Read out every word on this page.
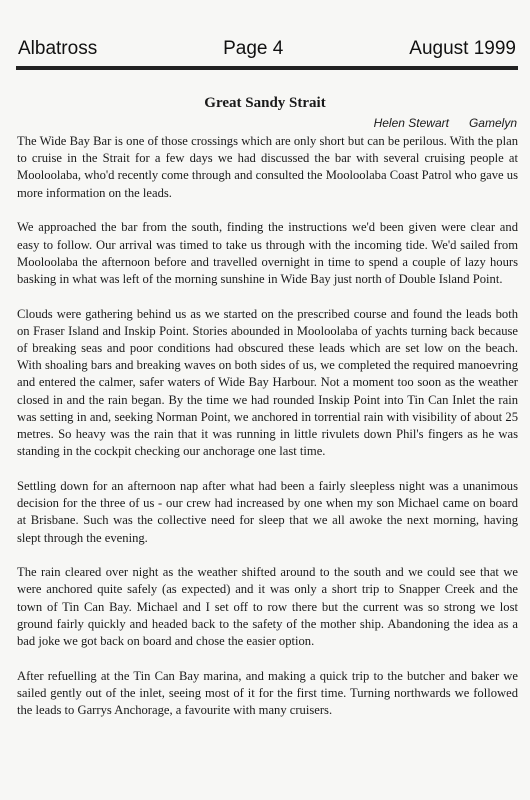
Albatross	Page 4	August 1999
Great Sandy Strait
Helen Stewart Gamelyn

The Wide Bay Bar is one of those crossings which are only short but can be perilous. With the plan to cruise in the Strait for a few days we had discussed the bar with several cruising people at Mooloolaba, who'd recently come through and consulted the Mooloolaba Coast Patrol who gave us more information on the leads.

We approached the bar from the south, finding the instructions we'd been given were clear and easy to follow. Our arrival was timed to take us through with the incoming tide. We'd sailed from Mooloolaba the afternoon before and travelled overnight in time to spend a couple of lazy hours basking in what was left of the morning sunshine in Wide Bay just north of Double Island Point.

Clouds were gathering behind us as we started on the prescribed course and found the leads both on Fraser Island and Inskip Point. Stories abounded in Mooloolaba of yachts turning back because of breaking seas and poor conditions had obscured these leads which are set low on the beach. With shoaling bars and breaking waves on both sides of us, we completed the required manoevring and entered the calmer, safer waters of Wide Bay Harbour. Not a moment too soon as the weather closed in and the rain began. By the time we had rounded Inskip Point into Tin Can Inlet the rain was setting in and, seeking Norman Point, we anchored in torrential rain with visibility of about 25 metres. So heavy was the rain that it was running in little rivulets down Phil's fingers as he was standing in the cockpit checking our anchorage one last time.

Settling down for an afternoon nap after what had been a fairly sleepless night was a unanimous decision for the three of us - our crew had increased by one when my son Michael came on board at Brisbane. Such was the collective need for sleep that we all awoke the next morning, having slept through the evening.

The rain cleared over night as the weather shifted around to the south and we could see that we were anchored quite safely (as expected) and it was only a short trip to Snapper Creek and the town of Tin Can Bay. Michael and I set off to row there but the current was so strong we lost ground fairly quickly and headed back to the safety of the mother ship. Abandoning the idea as a bad joke we got back on board and chose the easier option.

After refuelling at the Tin Can Bay marina, and making a quick trip to the butcher and baker we sailed gently out of the inlet, seeing most of it for the first time. Turning northwards we followed the leads to Garrys Anchorage, a favourite with many cruisers.
